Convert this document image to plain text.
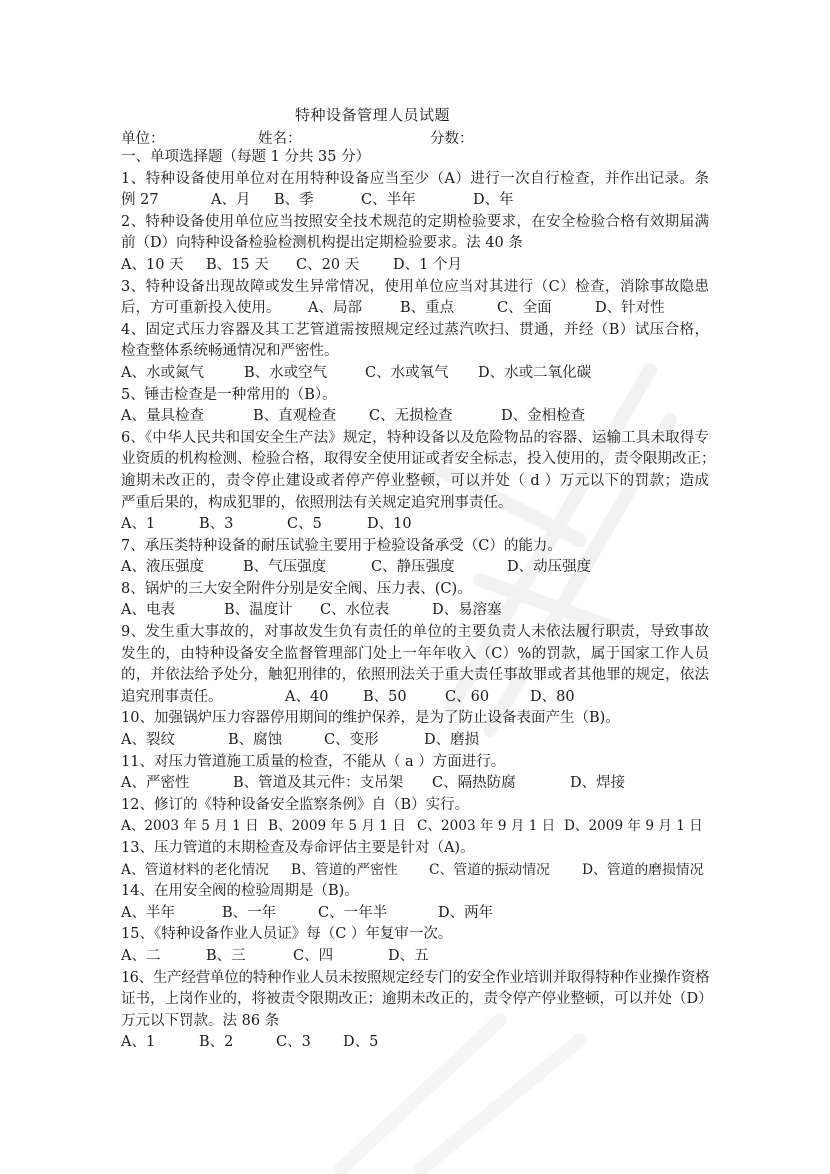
特种设备管理人员试题
单位：	姓名：	分数：
一、单项选择题（每题 1 分共 35 分）
1、特种设备使用单位对在用特种设备应当至少（A）进行一次自行检查，并作出记录。条
例 27	A、月	B、季	C、半年	D、年
2、特种设备使用单位应当按照安全技术规范的定期检验要求，在安全检验合格有效期届满
前（D）向特种设备检验检测机构提出定期检验要求。法 40 条
A、10 天	B、15 天	C、20 天	D、1 个月
3、特种设备出现故障或发生异常情况，使用单位应当对其进行（C）检查，消除事故隐患
后，方可重新投入使用。	A、局部	B、重点	C、全面	D、针对性
4、固定式压力容器及其工艺管道需按照规定经过蒸汽吹扫、贯通，并经（B）试压合格，
检查整体系统畅通情况和严密性。
A、水或氮气	B、水或空气	C、水或氧气	D、水或二氧化碳
5、锤击检查是一种常用的（B）。
A、量具检查	B、直观检查	C、无损检查	D、金相检查
6、《中华人民共和国安全生产法》规定，特种设备以及危险物品的容器、运输工具未取得专
业资质的机构检测、检验合格，取得安全使用证或者安全标志，投入使用的，责令限期改正；
逾期未改正的，责令停止建设或者停产停业整顿，可以并处（ d ）万元以下的罚款；造成
严重后果的，构成犯罪的，依照刑法有关规定追究刑事责任。
A、1	B、3	C、5	D、10
7、承压类特种设备的耐压试验主要用于检验设备承受（C）的能力。
A、液压强度	B、气压强度	C、静压强度	D、动压强度
8、锅炉的三大安全附件分别是安全阀、压力表、(C)。
A、电表	B、温度计	C、水位表	D、易溶塞
9、发生重大事故的，对事故发生负有责任的单位的主要负责人未依法履行职责，导致事故
发生的，由特种设备安全监督管理部门处上一年年收入（C）%的罚款，属于国家工作人员
的，并依法给予处分，触犯刑律的，依照刑法关于重大责任事故罪或者其他罪的规定，依法
追究刑事责任。	A、40	B、50	C、60	D、80
10、加强锅炉压力容器停用期间的维护保养，是为了防止设备表面产生（B)。
A、裂纹	B、腐蚀	C、变形	D、磨损
11、对压力管道施工质量的检查，不能从（ a ）方面进行。
A、严密性	B、管道及其元件：支吊架	C、隔热防腐	D、焊接
12、修订的《特种设备安全监察条例》自（B）实行。
A、2003 年 5 月 1 日 B、2009 年 5 月 1 日 C、2003 年 9 月 1 日 D、2009 年 9 月 1 日
13、压力管道的末期检查及寿命评估主要是针对（A)。
A、管道材料的老化情况	B、管道的严密性	C、管道的振动情况	D、管道的磨损情况
14、在用安全阀的检验周期是（B)。
A、半年	B、一年	C、一年半	D、两年
15、《特种设备作业人员证》每（C ）年复审一次。
A、二	B、三	C、四	D、五
16、生产经营单位的特种作业人员未按照规定经专门的安全作业培训并取得特种作业操作资格
证书，上岗作业的，将被责令限期改正；逾期未改正的，责令停产停业整顿，可以并处（D）
万元以下罚款。法 86 条
A、1	B、2	C、3	D、5
